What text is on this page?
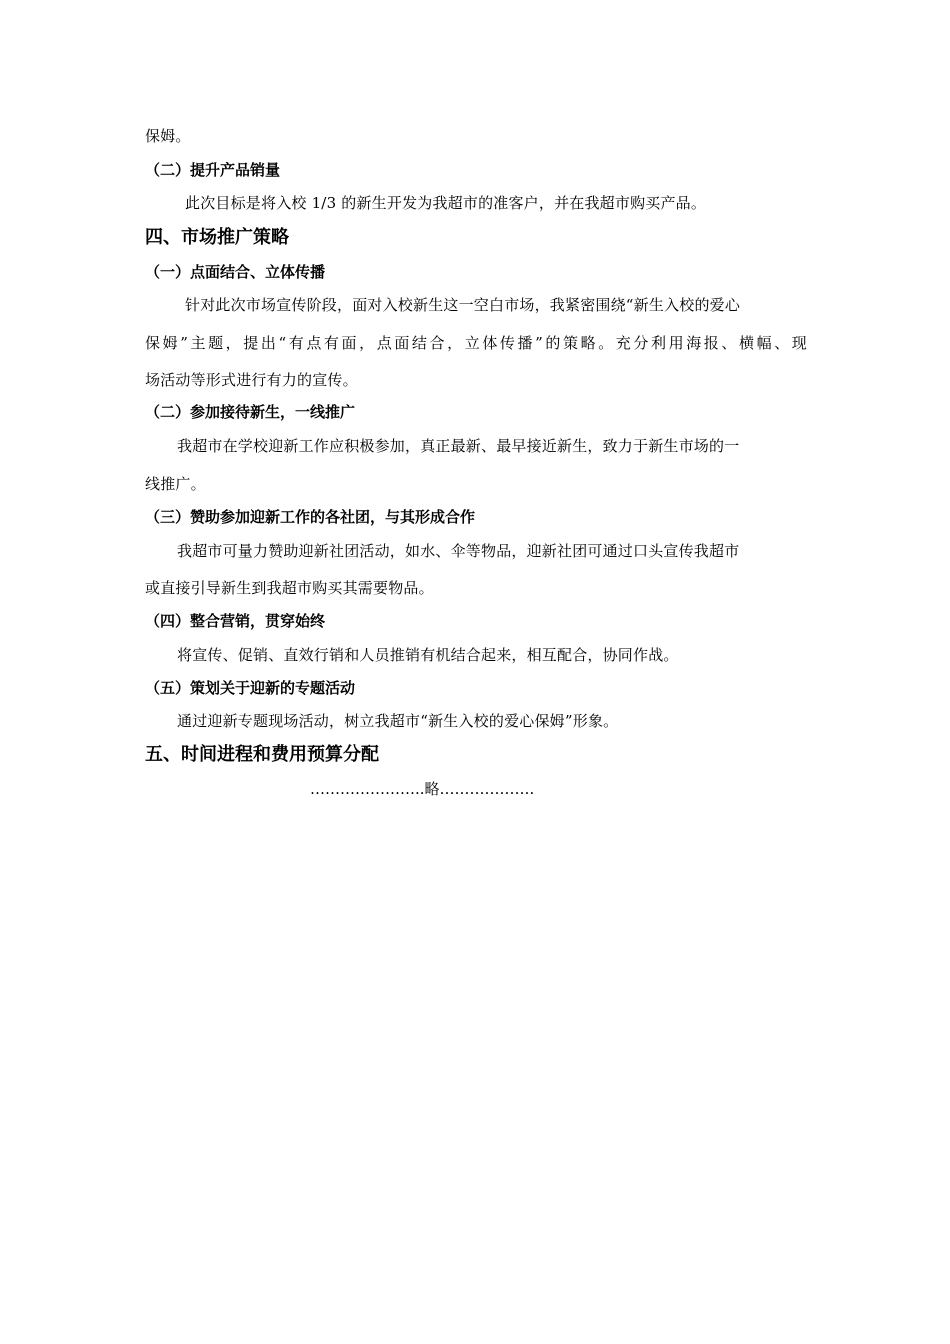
保姆。
（二）提升产品销量
此次目标是将入校 1/3 的新生开发为我超市的准客户，并在我超市购买产品。
四、市场推广策略
（一）点面结合、立体传播
针对此次市场宣传阶段，面对入校新生这一空白市场，我紧密围绕“新生入校的爱心
保姆”主题，提出“有点有面，点面结合，立体传播”的策略。充分利用海报、横幅、现
场活动等形式进行有力的宣传。
（二）参加接待新生，一线推广
我超市在学校迎新工作应积极参加，真正最新、最早接近新生，致力于新生市场的一
线推广。
（三）赞助参加迎新工作的各社团，与其形成合作
我超市可量力赞助迎新社团活动，如水、伞等物品，迎新社团可通过口头宣传我超市
或直接引导新生到我超市购买其需要物品。
（四）整合营销，贯穿始终
将宣传、促销、直效行销和人员推销有机结合起来，相互配合，协同作战。
（五）策划关于迎新的专题活动
通过迎新专题现场活动，树立我超市“新生入校的爱心保姆”形象。
五、时间进程和费用预算分配
…………………..略……………….
